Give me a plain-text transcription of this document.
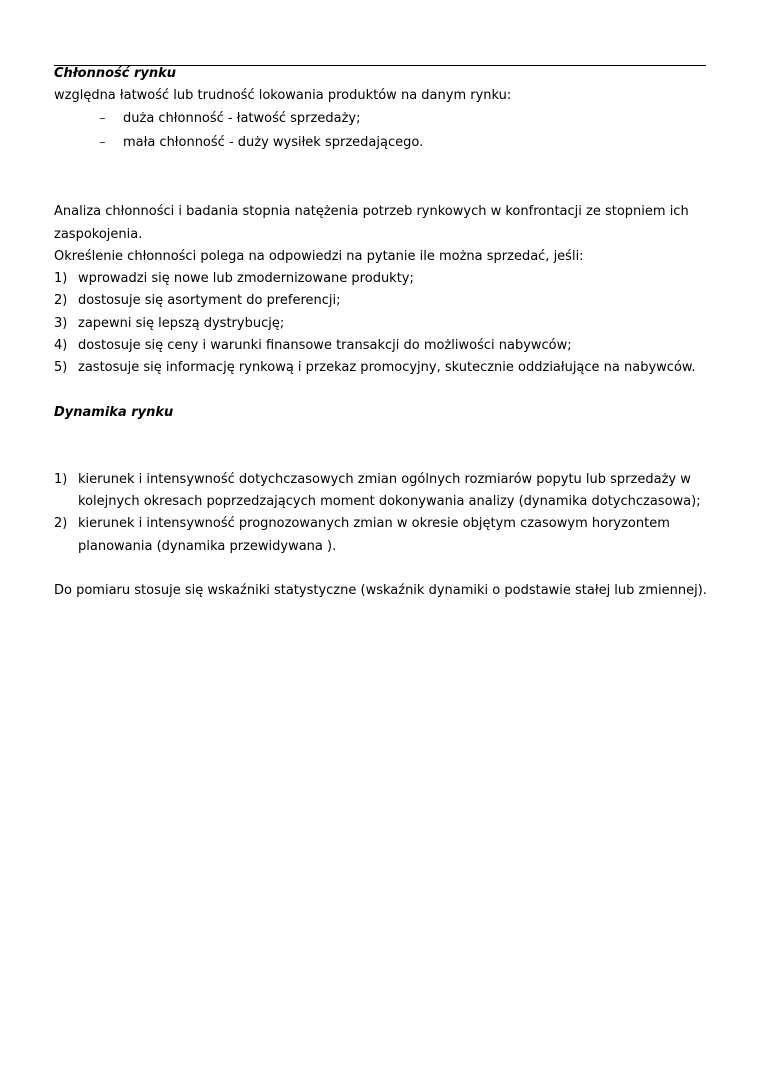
Chłonność rynku
względna łatwość lub trudność lokowania produktów na danym rynku:
– duża chłonność - łatwość sprzedaży;
– mała chłonność - duży wysiłek sprzedającego.
Analiza chłonności i badania stopnia natężenia potrzeb rynkowych w konfrontacji ze stopniem ich
zaspokojenia.
Określenie chłonności polega na odpowiedzi na pytanie ile można sprzedać, jeśli:
1) wprowadzi się nowe lub zmodernizowane produkty;
2) dostosuje się asortyment do preferencji;
3) zapewni się lepszą dystrybucję;
4) dostosuje się ceny i warunki finansowe transakcji do możliwości nabywców;
5) zastosuje się informację rynkową i przekaz promocyjny, skutecznie oddziałujące na nabywców.
Dynamika rynku
1) kierunek i intensywność dotychczasowych zmian ogólnych rozmiarów popytu lub sprzedaży w
kolejnych okresach poprzedzających moment dokonywania analizy (dynamika dotychczasowa);
2) kierunek i intensywność prognozowanych zmian w okresie objętym czasowym horyzontem
planowania (dynamika przewidywana ).
Do pomiaru stosuje się wskaźniki statystyczne (wskaźnik dynamiki o podstawie stałej lub zmiennej).
